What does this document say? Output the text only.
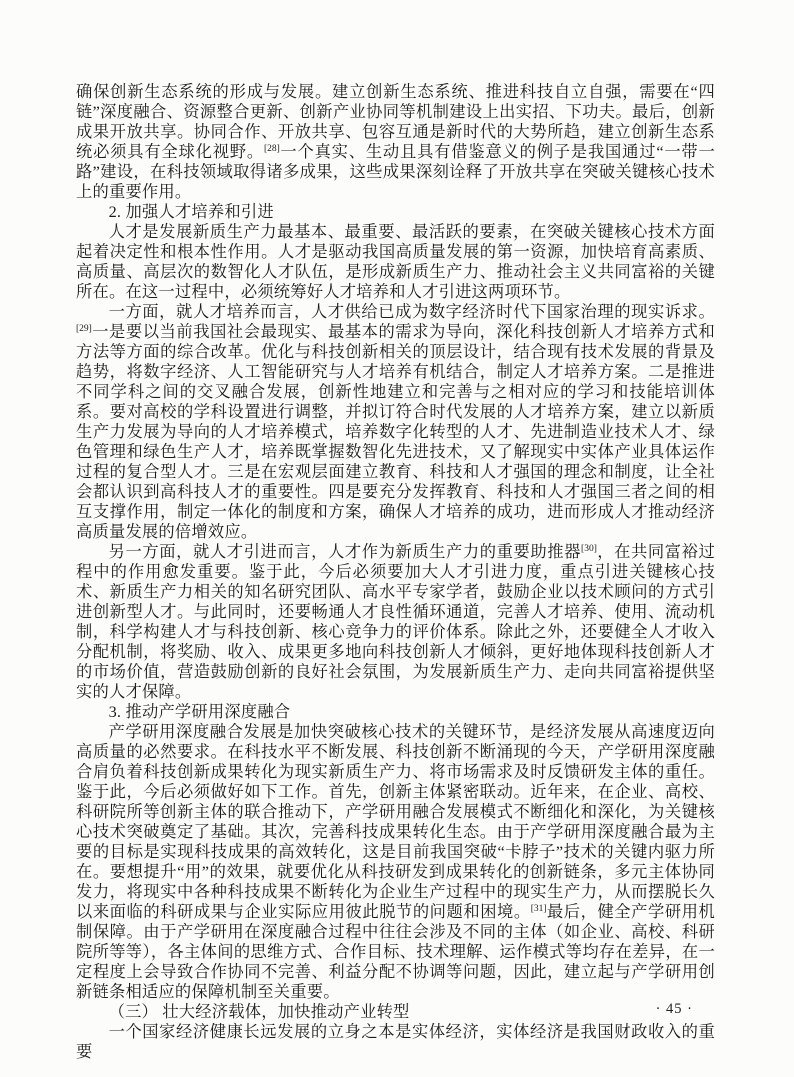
确保创新生态系统的形成与发展。建立创新生态系统、推进科技自立自强，需要在“四链”深度融合、资源整合更新、创新产业协同等机制建设上出实招、下功夫。最后，创新成果开放共享。协同合作、开放共享、包容互通是新时代的大势所趋，建立创新生态系统必须具有全球化视野。[28]一个真实、生动且具有借鉴意义的例子是我国通过“一带一路”建设，在科技领域取得诸多成果，这些成果深刻诠释了开放共享在突破关键核心技术上的重要作用。

2. 加强人才培养和引进

人才是发展新质生产力最基本、最重要、最活跃的要素，在突破关键核心技术方面起着决定性和根本性作用。人才是驱动我国高质量发展的第一资源，加快培育高素质、高质量、高层次的数智化人才队伍，是形成新质生产力、推动社会主义共同富裕的关键所在。在这一过程中，必须统筹好人才培养和人才引进这两项环节。

一方面，就人才培养而言，人才供给已成为数字经济时代下国家治理的现实诉求。[29]一是要以当前我国社会最现实、最基本的需求为导向，深化科技创新人才培养方式和方法等方面的综合改革。优化与科技创新相关的顶层设计，结合现有技术发展的背景及趋势，将数字经济、人工智能研究与人才培养有机结合，制定人才培养方案。二是推进不同学科之间的交叉融合发展，创新性地建立和完善与之相对应的学习和技能培训体系。要对高校的学科设置进行调整，并拟订符合时代发展的人才培养方案，建立以新质生产力发展为导向的人才培养模式，培养数字化转型的人才、先进制造业技术人才、绿色管理和绿色生产人才，培养既掌握数智化先进技术，又了解现实中实体产业具体运作过程的复合型人才。三是在宏观层面建立教育、科技和人才强国的理念和制度，让全社会都认识到高科技人才的重要性。四是要充分发挥教育、科技和人才强国三者之间的相互支撑作用，制定一体化的制度和方案，确保人才培养的成功，进而形成人才推动经济高质量发展的倍增效应。

另一方面，就人才引进而言，人才作为新质生产力的重要助推器[30]，在共同富裕过程中的作用愈发重要。鉴于此，今后必须要加大人才引进力度，重点引进关键核心技术、新质生产力相关的知名研究团队、高水平专家学者，鼓励企业以技术顾问的方式引进创新型人才。与此同时，还要畅通人才良性循环通道，完善人才培养、使用、流动机制，科学构建人才与科技创新、核心竞争力的评价体系。除此之外，还要健全人才收入分配机制，将奖励、收入、成果更多地向科技创新人才倾斜，更好地体现科技创新人才的市场价值，营造鼓励创新的良好社会氛围，为发展新质生产力、走向共同富裕提供坚实的人才保障。

3. 推动产学研用深度融合

产学研用深度融合发展是加快突破核心技术的关键环节，是经济发展从高速度迈向高质量的必然要求。在科技水平不断发展、科技创新不断涌现的今天，产学研用深度融合肩负着科技创新成果转化为现实新质生产力、将市场需求及时反馈研发主体的重任。鉴于此，今后必须做好如下工作。首先，创新主体紧密联动。近年来，在企业、高校、科研院所等创新主体的联合推动下，产学研用融合发展模式不断细化和深化，为关键核心技术突破奠定了基础。其次，完善科技成果转化生态。由于产学研用深度融合最为主要的目标是实现科技成果的高效转化，这是目前我国突破“卡脖子”技术的关键内驱力所在。要想提升“用”的效果，就要优化从科技研发到成果转化的创新链条，多元主体协同发力，将现实中各种科技成果不断转化为企业生产过程中的现实生产力，从而摆脱长久以来面临的科研成果与企业实际应用彼此脱节的问题和困境。[31]最后，健全产学研用机制保障。由于产学研用在深度融合过程中往往会涉及不同的主体（如企业、高校、科研院所等等），各主体间的思维方式、合作目标、技术理解、运作模式等均存在差异，在一定程度上会导致合作协同不完善、利益分配不协调等问题，因此，建立起与产学研用创新链条相适应的保障机制至关重要。

（三） 壮大经济载体，加快推动产业转型

一个国家经济健康长远发展的立身之本是实体经济，实体经济是我国财政收入的重要

· 45 ·
